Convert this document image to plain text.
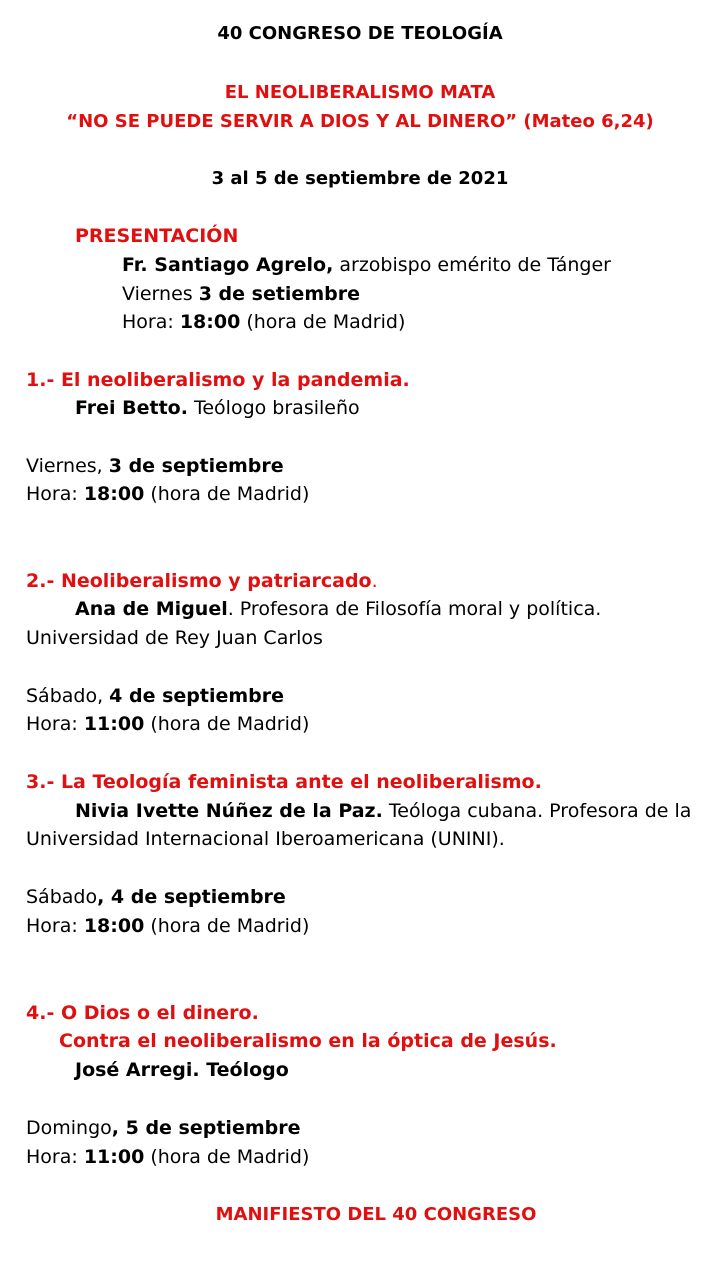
40 CONGRESO DE TEOLOGÍA
EL NEOLIBERALISMO MATA
“NO SE PUEDE SERVIR A DIOS Y AL DINERO” (Mateo 6,24)
3 al 5 de septiembre de 2021
PRESENTACIÓN
Fr. Santiago Agrelo, arzobispo emérito de Tánger
Viernes 3 de setiembre
Hora: 18:00 (hora de Madrid)
1.- El neoliberalismo y la pandemia.
Frei Betto. Teólogo brasileño
Viernes, 3 de septiembre
Hora: 18:00 (hora de Madrid)
2.- Neoliberalismo y patriarcado.
Ana de Miguel. Profesora de Filosofía moral y política.
Universidad de Rey Juan Carlos
Sábado, 4 de septiembre
Hora: 11:00 (hora de Madrid)
3.- La Teología feminista ante el neoliberalismo.
Nivia Ivette Núñez de la Paz. Teóloga cubana. Profesora de la
Universidad Internacional Iberoamericana (UNINI).
Sábado, 4 de septiembre
Hora: 18:00 (hora de Madrid)
4.- O Dios o el dinero.
Contra el neoliberalismo en la óptica de Jesús.
José Arregi. Teólogo
Domingo, 5 de septiembre
Hora: 11:00 (hora de Madrid)
MANIFIESTO DEL 40 CONGRESO
